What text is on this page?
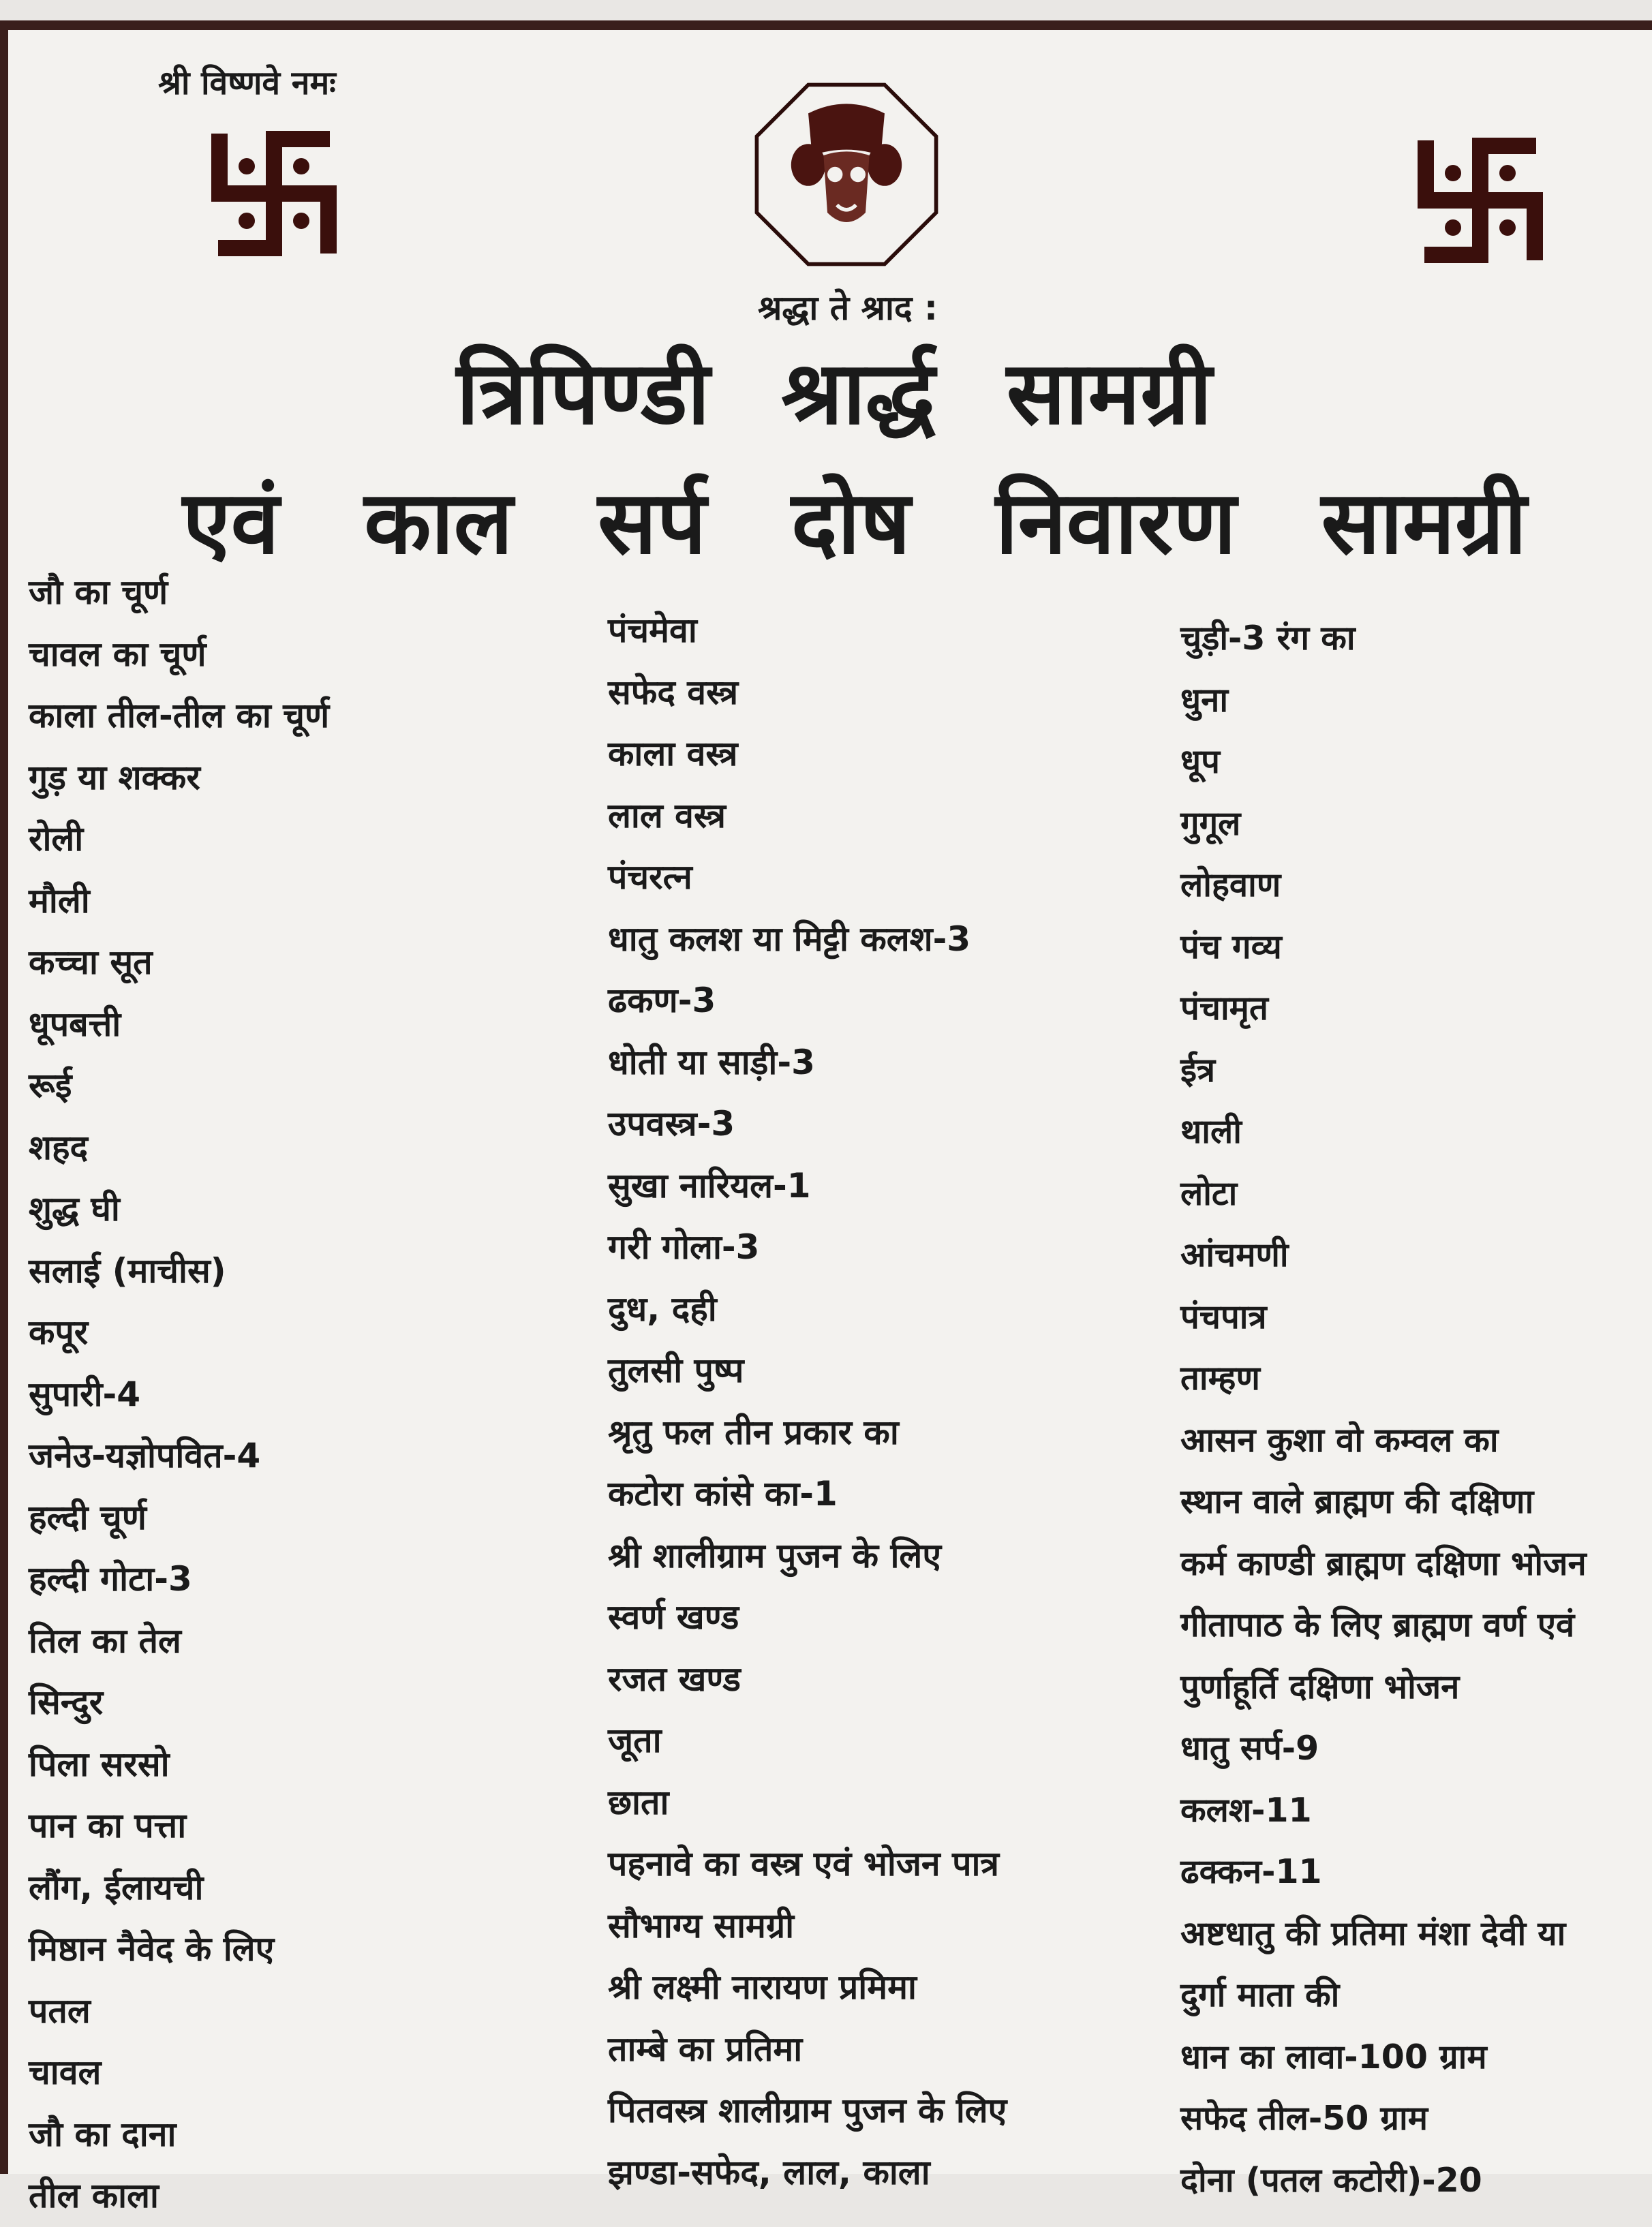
श्री विष्णवे नमः
श्रद्धा ते श्राद :
त्रिपिण्डी श्रार्द्ध सामग्री
एवं काल सर्प दोष निवारण सामग्री
जौ का चूर्ण
चावल का चूर्ण
काला तील-तील का चूर्ण
गुड़ या शक्कर
रोली
मौली
कच्चा सूत
धूपबत्ती
रूई
शहद
शुद्ध घी
सलाई (माचीस)
कपूर
सुपारी-4
जनेउ-यज्ञोपवित-4
हल्दी चूर्ण
हल्दी गोटा-3
तिल का तेल
सिन्दुर
पिला सरसो
पान का पत्ता
लौंग, ईलायची
मिष्ठान नैवेद के लिए
पतल
चावल
जौ का दाना
तील काला
पंचमेवा
सफेद वस्त्र
काला वस्त्र
लाल वस्त्र
पंचरत्न
धातु कलश या मिट्टी कलश-3
ढकण-3
धोती या साड़ी-3
उपवस्त्र-3
सुखा नारियल-1
गरी गोला-3
दुध, दही
तुलसी पुष्प
श्रृतु फल तीन प्रकार का
कटोरा कांसे का-1
श्री शालीग्राम पुजन के लिए
स्वर्ण खण्ड
रजत खण्ड
जूता
छाता
पहनावे का वस्त्र एवं भोजन पात्र
सौभाग्य सामग्री
श्री लक्ष्मी नारायण प्रमिमा
ताम्बे का प्रतिमा
पितवस्त्र शालीग्राम पुजन के लिए
झण्डा-सफेद, लाल, काला
चुड़ी-3 रंग का
धुना
धूप
गुगूल
लोहवाण
पंच गव्य
पंचामृत
ईत्र
थाली
लोटा
आंचमणी
पंचपात्र
ताम्हण
आसन कुशा वो कम्वल का
स्थान वाले ब्राह्मण की दक्षिणा
कर्म काण्डी ब्राह्मण दक्षिणा भोजन
गीतापाठ के लिए ब्राह्मण वर्ण एवं
पुर्णाहूर्ति दक्षिणा भोजन
धातु सर्प-9
कलश-11
ढक्कन-11
अष्टधातु की प्रतिमा मंशा देवी या
दुर्गा माता की
धान का लावा-100 ग्राम
सफेद तील-50 ग्राम
दोना (पतल कटोरी)-20
